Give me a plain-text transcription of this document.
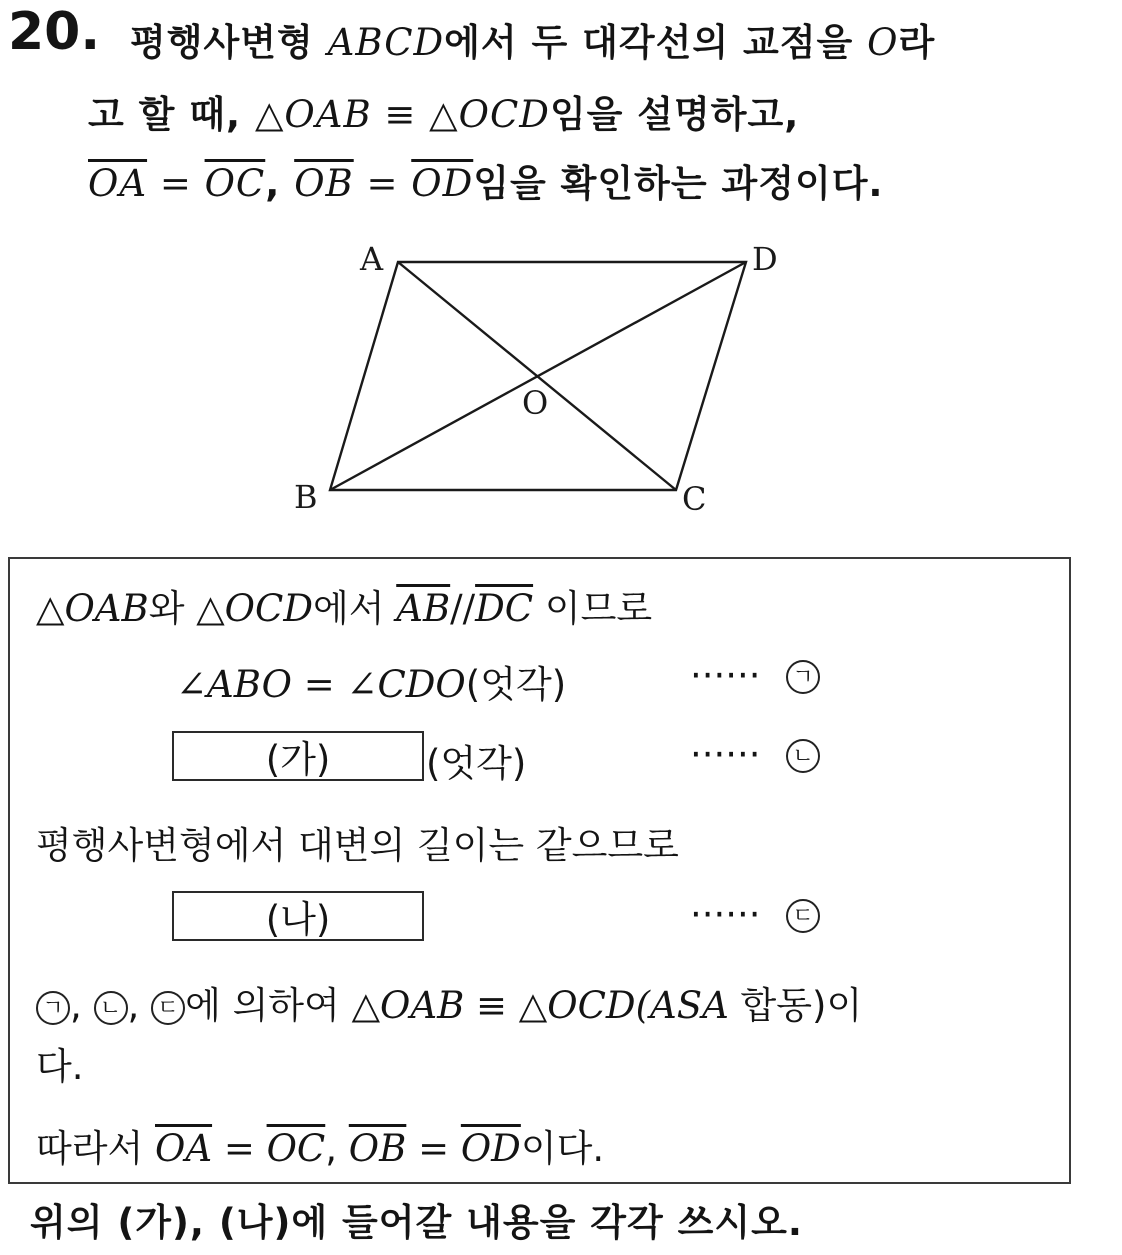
20. 평행사변형 ABCD에서 두 대각선의 교점을 O라
고 할 때, △OAB ≡ △OCD임을 설명하고,
$\overline{OA} = \overline{OC}$, $\overline{OB} = \overline{OD}$임을 확인하는 과정이다.
A	D
B	C
O
△OAB와 △OCD에서 $\overline{AB}//\overline{DC}$ 이므로
∠ABO = ∠CDO(엇각)	······ ㄱ
(가)	(엇각)	······ ㄴ
평행사변형에서 대변의 길이는 같으므로
(나)	······ ㄷ
ㄱ , ㄴ , ㄷ 에 의하여 △OAB ≡ △OCD(ASA 합동)이
다.
따라서 $\overline{OA} = \overline{OC}$, $\overline{OB} = \overline{OD}$이다.
위의 (가), (나)에 들어갈 내용을 각각 쓰시오.
